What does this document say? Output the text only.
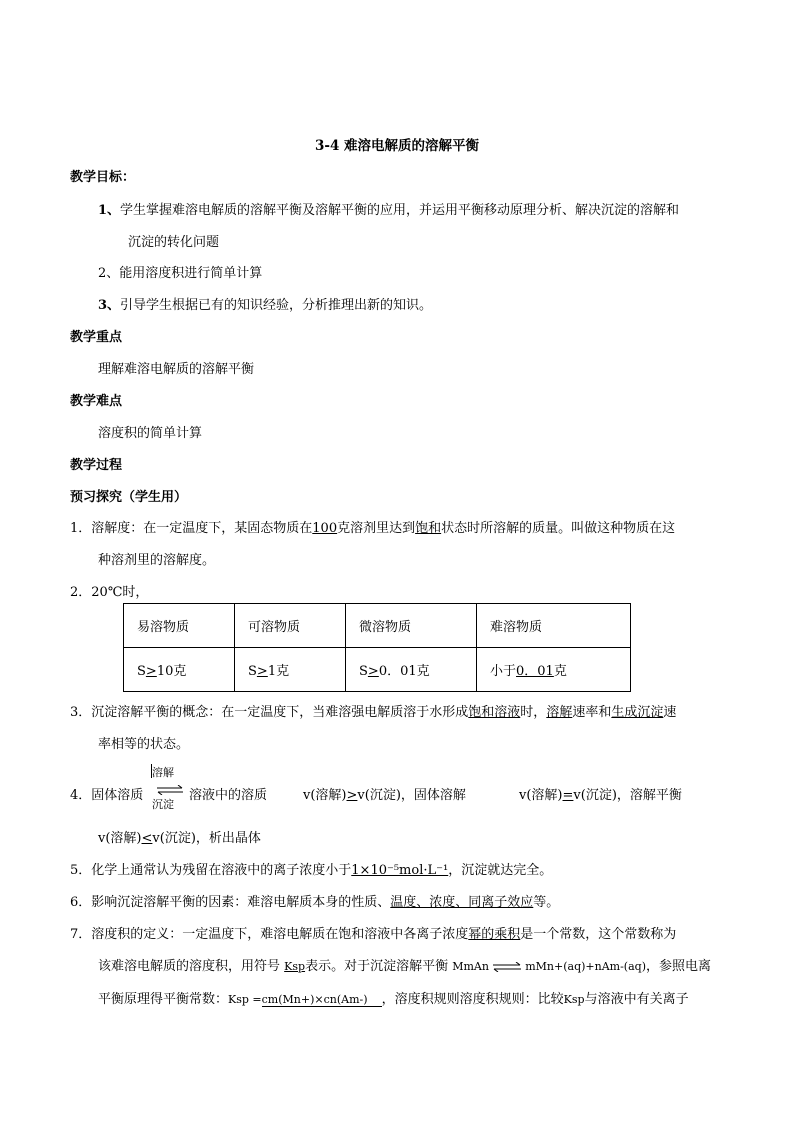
3-4 难溶电解质的溶解平衡
教学目标：
1、学生掌握难溶电解质的溶解平衡及溶解平衡的应用，并运用平衡移动原理分析、解决沉淀的溶解和
沉淀的转化问题
2、能用溶度积进行简单计算
3、引导学生根据已有的知识经验，分析推理出新的知识。
教学重点
理解难溶电解质的溶解平衡
教学难点
溶度积的简单计算
教学过程
预习探究（学生用）
1．溶解度：在一定温度下，某固态物质在100克溶剂里达到饱和状态时所溶解的质量。叫做这种物质在这
种溶剂里的溶解度。
2．20℃时，
易溶物质	可溶物质	微溶物质	难溶物质
S>10克	S>1克	S>0．01克	小于0．01克
3．沉淀溶解平衡的概念：在一定温度下，当难溶强电解质溶于水形成饱和溶液时，溶解速率和生成沉淀速
率相等的状态。
4．固体溶质
溶解
沉淀
⇌ 溶液中的溶质	v(溶解)>v(沉淀)，固体溶解	v(溶解)=v(沉淀)，溶解平衡
v(溶解)<v(沉淀)，析出晶体
5．化学上通常认为残留在溶液中的离子浓度小于1×10⁻⁵mol·L⁻¹，沉淀就达完全。
6．影响沉淀溶解平衡的因素：难溶电解质本身的性质、温度、浓度、同离子效应等。
7．溶度积的定义：一定温度下，难溶电解质在饱和溶液中各离子浓度幂的乘积是一个常数，这个常数称为
该难溶电解质的溶度积，用符号 Ksp表示。对于沉淀溶解平衡 MmAn ⇌ mMn+(aq)+nAm-(aq)，参照电离
平衡原理得平衡常数：Ksp =cm(Mn+)×cn(Am-) ，溶度积规则溶度积规则：比较Ksp与溶液中有关离子
